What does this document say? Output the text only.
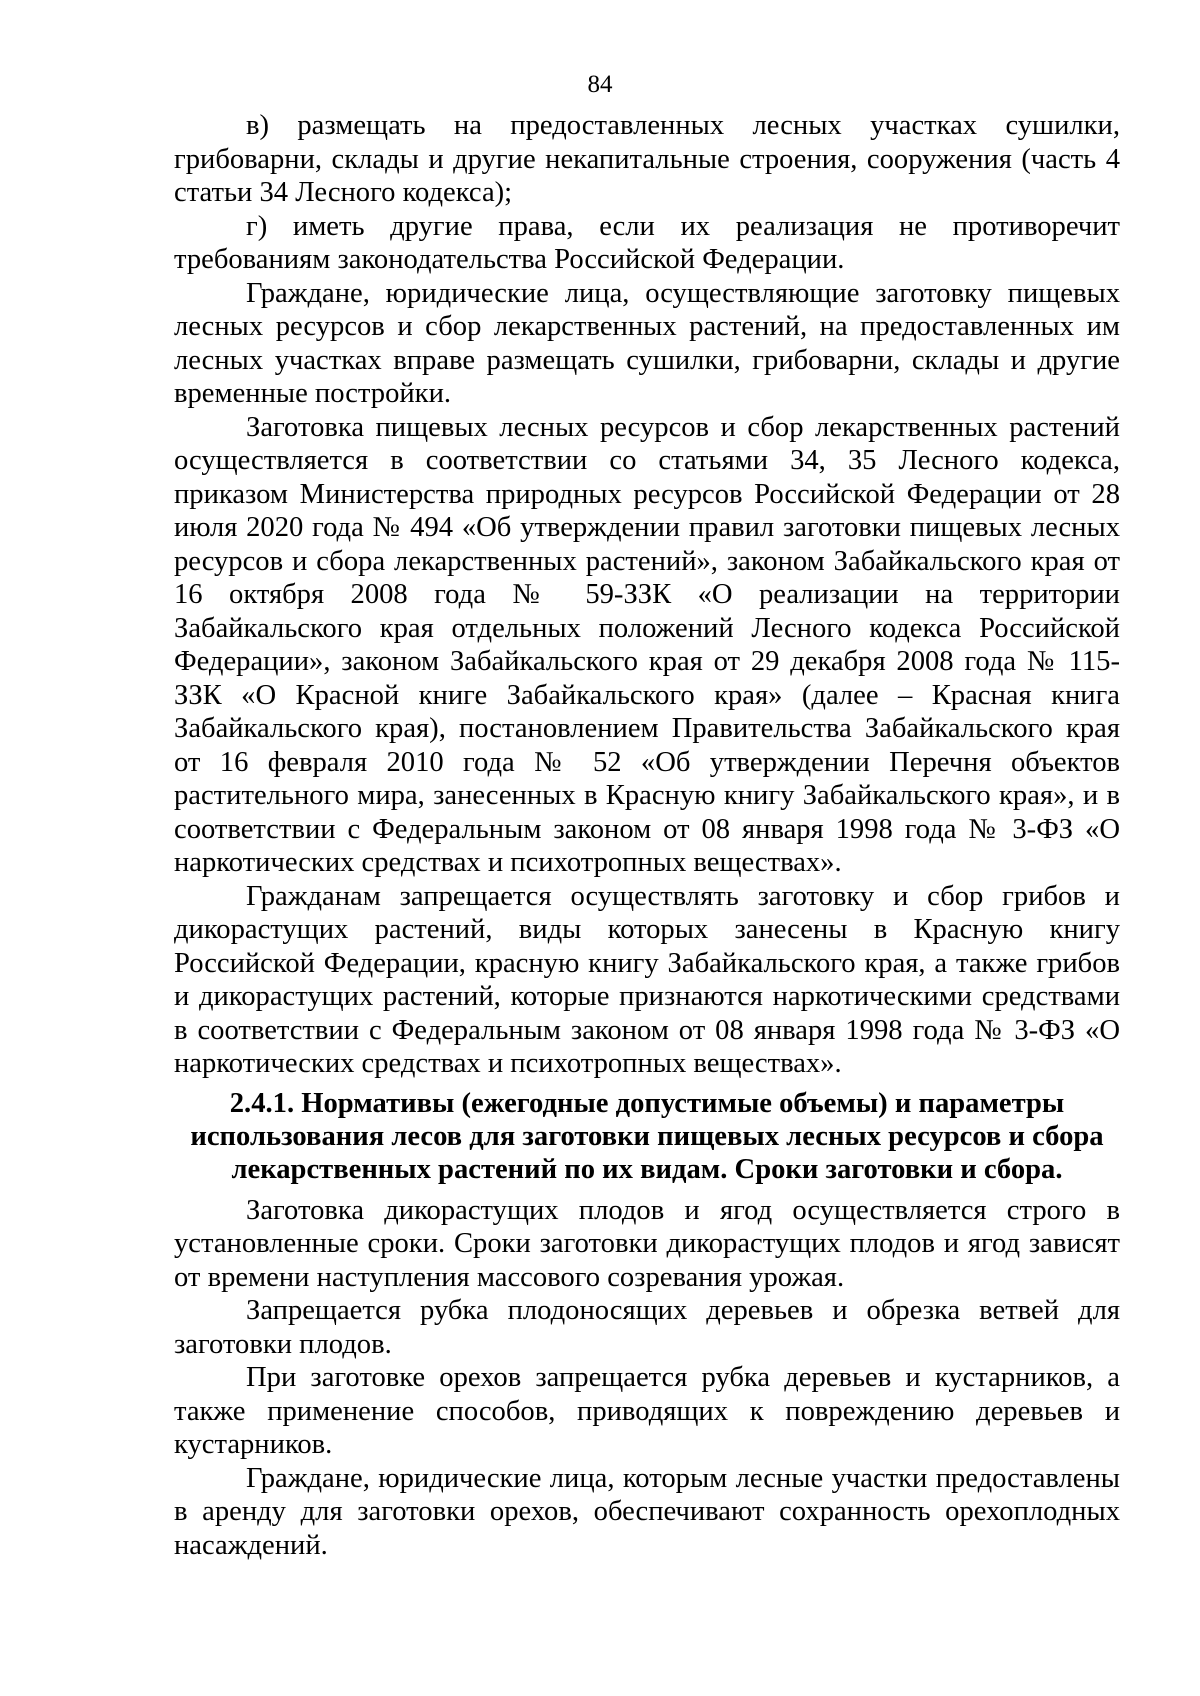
84

в) размещать на предоставленных лесных участках сушилки, грибоварни, склады и другие некапитальные строения, сооружения (часть 4 статьи 34 Лесного кодекса);

г) иметь другие права, если их реализация не противоречит требованиям законодательства Российской Федерации.

Граждане, юридические лица, осуществляющие заготовку пищевых лесных ресурсов и сбор лекарственных растений, на предоставленных им лесных участках вправе размещать сушилки, грибоварни, склады и другие временные постройки.

Заготовка пищевых лесных ресурсов и сбор лекарственных растений осуществляется в соответствии со статьями 34, 35 Лесного кодекса, приказом Министерства природных ресурсов Российской Федерации от 28 июля 2020 года № 494 «Об утверждении правил заготовки пищевых лесных ресурсов и сбора лекарственных растений», законом Забайкальского края от 16 октября 2008 года № 59-ЗЗК «О реализации на территории Забайкальского края отдельных положений Лесного кодекса Российской Федерации», законом Забайкальского края от 29 декабря 2008 года № 115-ЗЗК «О Красной книге Забайкальского края» (далее – Красная книга Забайкальского края), постановлением Правительства Забайкальского края от 16 февраля 2010 года № 52 «Об утверждении Перечня объектов растительного мира, занесенных в Красную книгу Забайкальского края», и в соответствии с Федеральным законом от 08 января 1998 года № 3-ФЗ «О наркотических средствах и психотропных веществах».

Гражданам запрещается осуществлять заготовку и сбор грибов и дикорастущих растений, виды которых занесены в Красную книгу Российской Федерации, красную книгу Забайкальского края, а также грибов и дикорастущих растений, которые признаются наркотическими средствами в соответствии с Федеральным законом от 08 января 1998 года № 3-ФЗ «О наркотических средствах и психотропных веществах».

2.4.1. Нормативы (ежегодные допустимые объемы) и параметры использования лесов для заготовки пищевых лесных ресурсов и сбора лекарственных растений по их видам. Сроки заготовки и сбора.

Заготовка дикорастущих плодов и ягод осуществляется строго в установленные сроки. Сроки заготовки дикорастущих плодов и ягод зависят от времени наступления массового созревания урожая.

Запрещается рубка плодоносящих деревьев и обрезка ветвей для заготовки плодов.

При заготовке орехов запрещается рубка деревьев и кустарников, а также применение способов, приводящих к повреждению деревьев и кустарников.

Граждане, юридические лица, которым лесные участки предоставлены в аренду для заготовки орехов, обеспечивают сохранность орехоплодных насаждений.
